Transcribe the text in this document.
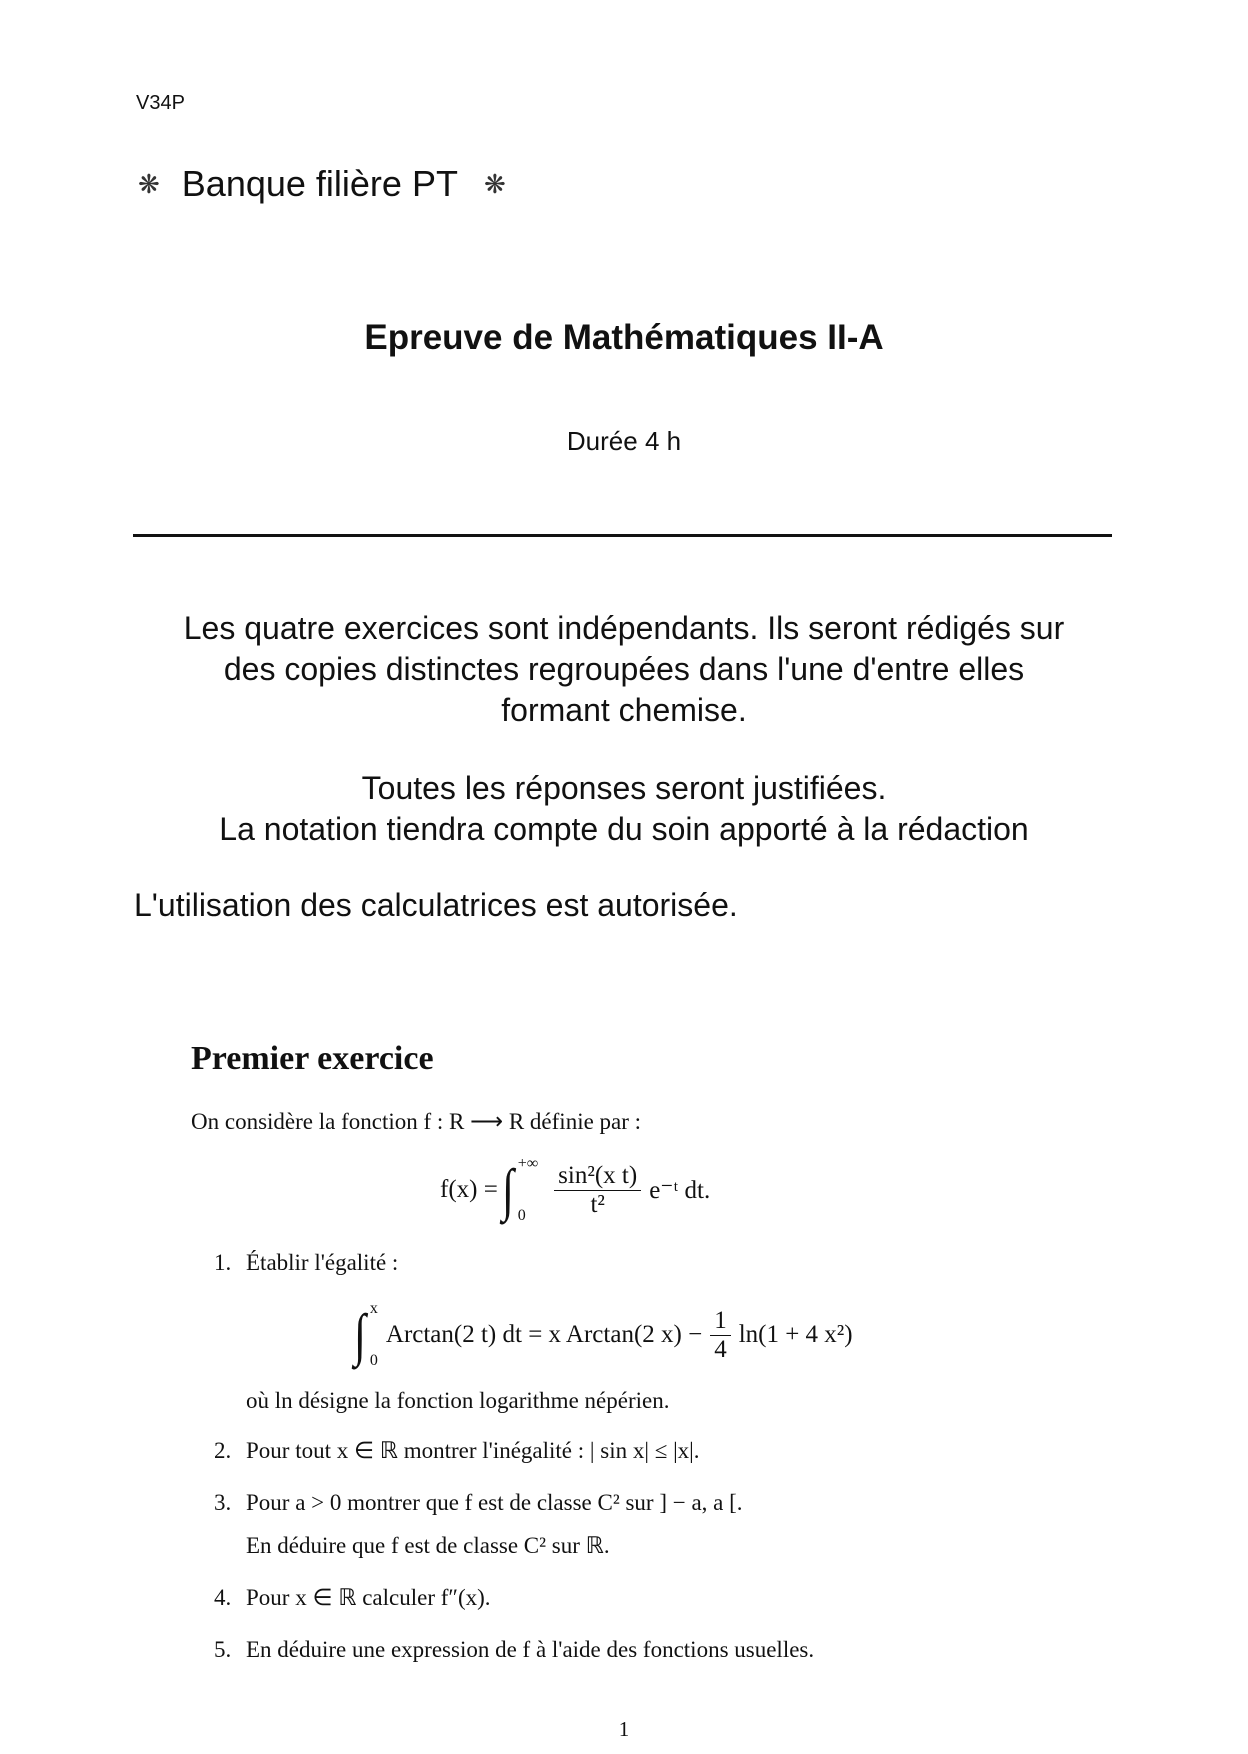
V34P
❋ Banque filière PT ❋
Epreuve de Mathématiques II-A
Durée 4 h
Les quatre exercices sont indépendants. Ils seront rédigés sur
des copies distinctes regroupées dans l'une d'entre elles
formant chemise.
Toutes les réponses seront justifiées.
La notation tiendra compte du soin apporté à la rédaction
L'utilisation des calculatrices est autorisée.
Premier exercice
On considère la fonction f : R ⟶ R définie par :
f(x) = ∫ +∞
0	$\frac{\text{sin²(x t)}}{\text{t²}}$ e⁻ᵗ dt.
1. Établir l'égalité :
∫ x
0
Arctan(2 t) dt = x Arctan(2 $x) - \frac{1}{4} \ln(1 + 4$ x²)
où ln désigne la fonction logarithme népérien.
2. Pour tout x ∈ ℝ montrer l'inégalité : | sin x| ≤ |x|.
3. Pour a > 0 montrer que f est de classe C² sur ] − a, a [.
En déduire que f est de classe C² sur ℝ.
4. Pour x ∈ ℝ calculer f″(x).
5. En déduire une expression de f à l'aide des fonctions usuelles.
1
